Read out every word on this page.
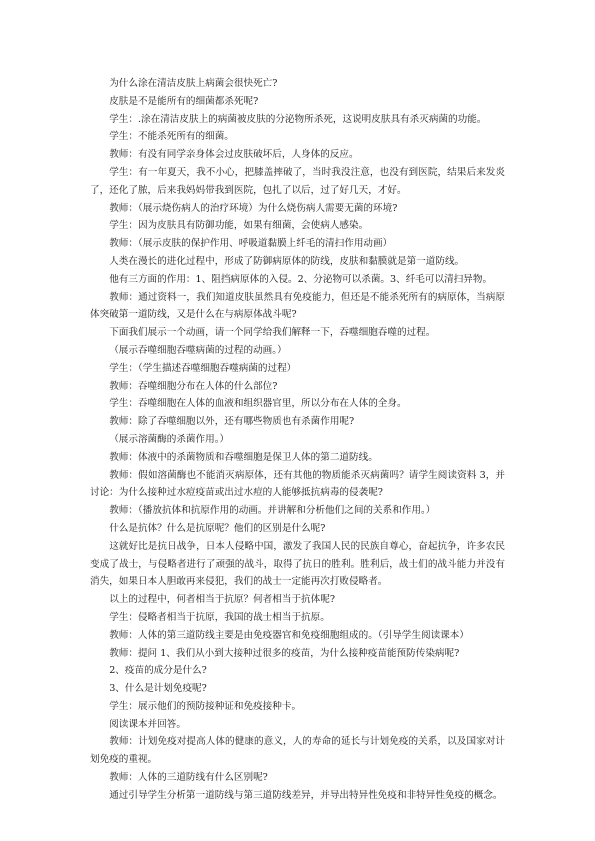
为什么涂在清洁皮肤上病菌会很快死亡?

皮肤是不是能所有的细菌都杀死呢?

学生：.涂在清洁皮肤上的病菌被皮肤的分泌物所杀死，这说明皮肤具有杀灭病菌的功能。

学生：不能杀死所有的细菌。

教师：有没有同学亲身体会过皮肤破坏后，人身体的反应。

学生：有一年夏天，我不小心，把膝盖摔破了，当时我没注意，也没有到医院，结果后来发炎了，还化了脓，后来我妈妈带我到医院，包扎了以后，过了好几天，才好。

教师：（展示烧伤病人的治疗环境）为什么烧伤病人需要无菌的环境?

学生：因为皮肤具有防御功能，如果有细菌，会使病人感染。

教师：（展示皮肤的保护作用、呼吸道黏膜上纤毛的清扫作用动画）

人类在漫长的进化过程中，形成了防御病原体的防线，皮肤和黏膜就是第一道防线。

他有三方面的作用：1、阻挡病原体的入侵。2、分泌物可以杀菌。3、纤毛可以清扫异物。

教师：通过资料一，我们知道皮肤虽然具有免疫能力，但还是不能杀死所有的病原体，当病原体突破第一道防线，又是什么在与病原体战斗呢?

下面我们展示一个动画，请一个同学给我们解释一下，吞噬细胞吞噬的过程。

（展示吞噬细胞吞噬病菌的过程的动画。）

学生：（学生描述吞噬细胞吞噬病菌的过程）

教师：吞噬细胞分布在人体的什么部位?

学生：吞噬细胞在人体的血液和组织器官里，所以分布在人体的全身。

教师：除了吞噬细胞以外，还有哪些物质也有杀菌作用呢?

（展示溶菌酶的杀菌作用。）

教师：体液中的杀菌物质和吞噬细胞是保卫人体的第二道防线。

教师：假如溶菌酶也不能消灭病原体，还有其他的物质能杀灭病菌吗？请学生阅读资料 3，并讨论：为什么接种过水痘疫苗或出过水痘的人能够抵抗病毒的侵袭呢?

教师：（播放抗体和抗原作用的动画。并讲解和分析他们之间的关系和作用。）

什么是抗体？什么是抗原呢？他们的区别是什么呢?

这就好比是抗日战争，日本人侵略中国，激发了我国人民的民族自尊心，奋起抗争，许多农民变成了战士，与侵略者进行了顽强的战斗，取得了抗日的胜利。胜利后，战士们的战斗能力并没有消失，如果日本人胆敢再来侵犯，我们的战士一定能再次打败侵略者。

以上的过程中，何者相当于抗原？何者相当于抗体呢?

学生：侵略者相当于抗原，我国的战士相当于抗原。

教师：人体的第三道防线主要是由免疫器官和免疫细胞组成的。（引导学生阅读课本）

教师：提问 1、我们从小到大接种过很多的疫苗，为什么接种疫苗能预防传染病呢?

2、疫苗的成分是什么?

3、什么是计划免疫呢?

学生：展示他们的预防接种证和免疫接种卡。

阅读课本并回答。

教师：计划免疫对提高人体的健康的意义，人的寿命的延长与计划免疫的关系，以及国家对计划免疫的重视。

教师：人体的三道防线有什么区别呢?

通过引导学生分析第一道防线与第三道防线差异，并导出特异性免疫和非特异性免疫的概念。
